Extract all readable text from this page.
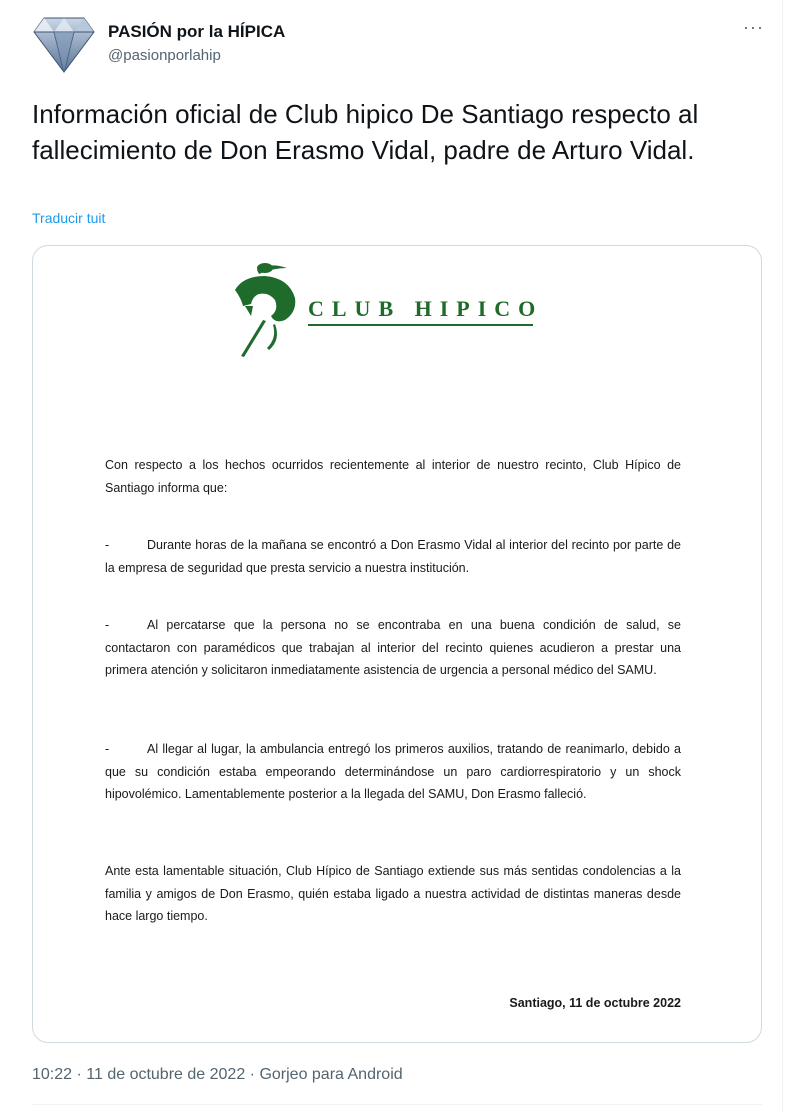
PASIÓN por la HÍPICA
@pasionporlahip
···
Información oficial de Club hipico De Santiago respecto al fallecimiento de Don Erasmo Vidal, padre de Arturo Vidal.
Traducir tuit
CLUB HIPICO

Con respecto a los hechos ocurridos recientemente al interior de nuestro recinto, Club Hípico de Santiago informa que:

-	Durante horas de la mañana se encontró a Don Erasmo Vidal al interior del recinto por parte de la empresa de seguridad que presta servicio a nuestra institución.

-	Al percatarse que la persona no se encontraba en una buena condición de salud, se contactaron con paramédicos que trabajan al interior del recinto quienes acudieron a prestar una primera atención y solicitaron inmediatamente asistencia de urgencia a personal médico del SAMU.

-	Al llegar al lugar, la ambulancia entregó los primeros auxilios, tratando de reanimarlo, debido a que su condición estaba empeorando determinándose un paro cardiorrespiratorio y un shock hipovolémico. Lamentablemente posterior a la llegada del SAMU, Don Erasmo falleció.

Ante esta lamentable situación, Club Hípico de Santiago extiende sus más sentidas condolencias a la familia y amigos de Don Erasmo, quién estaba ligado a nuestra actividad de distintas maneras desde hace largo tiempo.

Santiago, 11 de octubre 2022
10:22 · 11 de octubre de 2022 · Gorjeo para Android
